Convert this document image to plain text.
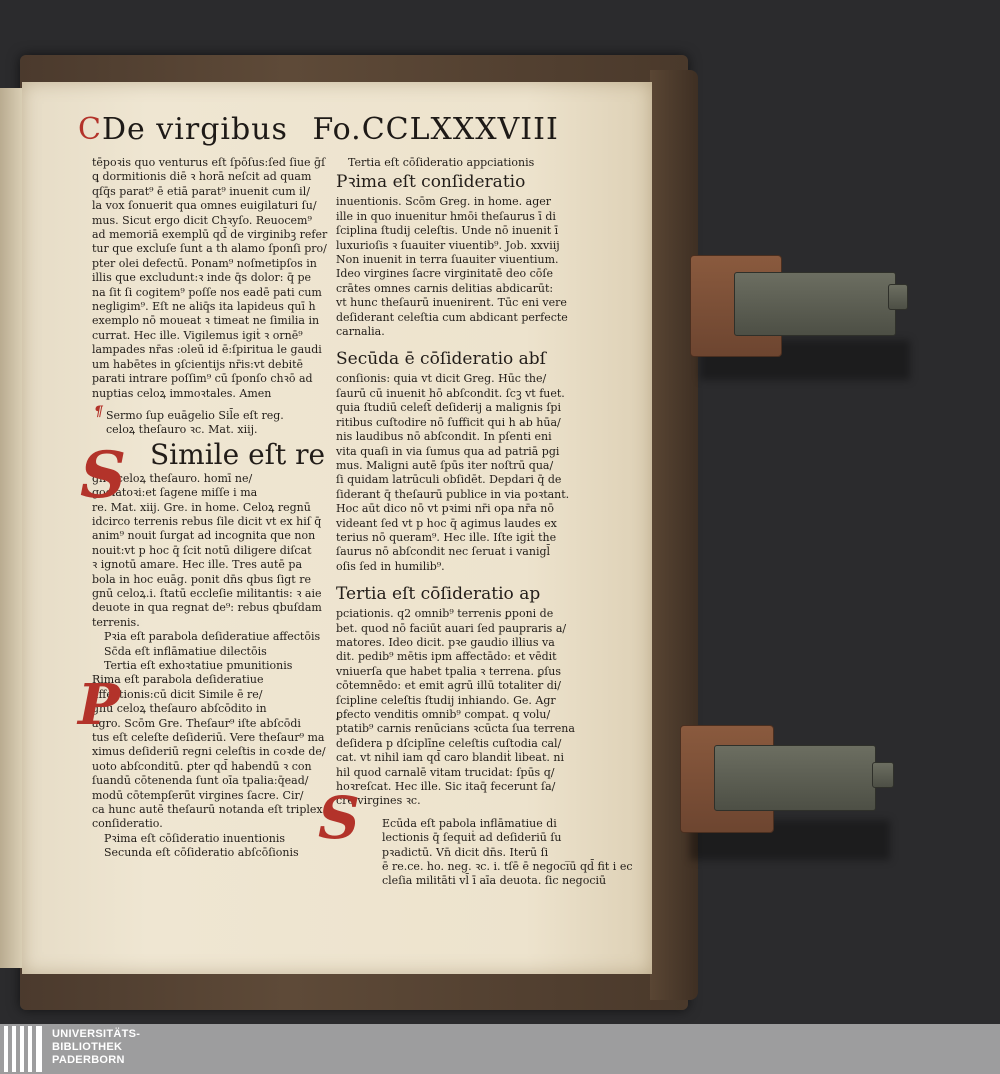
CDe virgibus Fo.CCLXXXVIII

tēpoꝛis quo venturus eſt ſpōſus:ſed ſiue ḡſ

ꝗ dormitionis diē ꝛ horā neſcit ad quam

qſq̄s parat⁹ ē etiā parat⁹ inuenit cum il/

la vox ſonuerit qua omnes euigilaturi ſu/

mus. Sicut ergo dicit Chꝛyſo. Reuocem⁹

ad memoriā exemplū qd̄ de virginibꝫ refer

tur que excluſe ſunt a th alamo ſponſi pro/

pter olei defectū. Ponam⁹ noſmetipſos in

illis que excludunt:ꝛ inde q̄s dolor: q̄ pe

na ſit ſi cogitem⁹ poſſe nos eadē pati cum

negligim⁹. Eſt ne aliq̄s ita lapideus quī h

exemplo nō moueat ꝛ timeat ne ſimilia in

currat. Hec ille. Vigilemus igiṫ ꝛ ornē⁹

lampades nr̄as :oleū id ē:ſpiritua le gaudi

um habētes in ꝯſcientijs nr̄is:vt debitē

parati intrare poſſim⁹ cū ſponſo chꝛō ad

nuptias celoꝝ immoꝛtales. Amen

Sermo ſup euāgelio Sil̄e eſt reg.

celoꝝ theſauro ꝛc. Mat. xiij.

Simile eſt re

gnū celoꝝ theſauro. homī ne/

gociatoꝛi:et ſagene miſſe i ma

re. Mat. xiij. Gre. in home. Celoꝝ regnū

idcirco terrenis rebus ſile dicit vt ex hiſ q̄

anim⁹ nouit ſurgat ad incognita que non

nouit:vt p hoc q̄ ſcit notū diligere diſcat

ꝛ ignotū amare. Hec ille. Tres autē pa

bola in hoc euāg. ponit dn̄s qbus ſigt re

gnū celoꝝ.i. ſtatū eccleſie militantis: ꝛ aie

deuote in qua regnat de⁹: rebus qbuſdam

terrenis.

Pꝛia eſt parabola deſideratiue affectōis

Sc̄da eſt inflāmatiue dilectōis

Tertia eſt exhoꝛtatiue pmunitionis

Rima eſt parabola deſideratiue

affectionis:cū dicit Simile ē re/

gnū celoꝝ theſauro abſcōdito in

agro. Scōm Gre. Theſaur⁹ iſte abſcōdi

tus eſt celeſte deſideriū. Vere theſaur⁹ ma

ximus deſideriū regni celeſtis in coꝛde de/

uoto abſconditū. ꝑter qd̄ habendū ꝛ con

ſuandū cōtenenda ſunt oīa tpalia:q̄ead/

modū cōtempſerūt virgines ſacre. Cir/

ca hunc autē theſaurū notanda eſt triplex

conſideratio.

Pꝛima eſt cōſideratio inuentionis

Secunda eſt cōſideratio abſcōſionis

Tertia eſt cōſideratio appciationis

Pꝛima eſt conſideratio

inuentionis. Scōm Greg. in home. ager

ille in quo inuenitur hmōi theſaurus ī di

ſciplina ſtudij celeſtis. Unde nō inuenit ī

luxurioſis ꝛ ſuauiter viuentib⁹. Job. xxviij

Non inuenit in terra ſuauiter viuentium.

Ideo virgines ſacre virginitatē deo cōſe

crātes omnes carnis delitias abdicarūt:

vt hunc theſaurū inuenirent. Tūc eni vere

deſiderant celeſtia cum abdicant perfecte

carnalia.

Secūda ē cōſideratio abſ

conſionis: quia vt dicit Greg. Hūc the/

ſaurū cū inuenit hō abſcondit. ſcꝫ vt fuet.

quia ſtudiū celeſt̄ deſiderij a malignis ſpi

ritibus cuſtodire nō ſufficit qui h ab hūa/

nis laudibus nō abſcondit. In pſenti eni

vita quaſi in via ſumus qua ad patriā pgi

mus. Maligni autē ſpūs iter noſtrū qua/

ſi quidam latrūculi obſidēt. Depdari q̄ de

ſiderant q̄ theſaurū publice in via poꝛtant.

Hoc aūt dico nō vt pꝛimi nr̄i opa nr̄a nō

videant ſed vt p hoc q̄ agimus laudes ex

terius nō queram⁹. Hec ille. Iſte igiṫ the

ſaurus nō abſcondit nec ſeruat i vanigl̄

oſis ſed in humilib⁹.

Tertia eſt cōſideratio ap

pciationis. q2 omnib⁹ terrenis ꝑponi de

bet. quod nō faciūt auari ſed paupraris a/

matores. Ideo dicit. pꝛe gaudio illius va

dit. pedib⁹ mētis ipm affectādo: et vēdit

vniuerſa que habet tpalia ꝛ terrena. ꝑſus

cōtemnēdo: et emit agrū illū totaliter di/

ſcipline celeſtis ſtudij inhiando. Ge. Agr

ꝑfecto venditis omnib⁹ compat. q volu/

ptatib⁹ carnis renūcians ꝛcūcta ſua terrena

deſidera p dſciplīne celeſtis cuſtodia cal/

cat. vt nihil iam qd̄ caro blandiṫ libeat. ni

hil quod carnalē vitam trucidat: ſpūs q/

hoꝛreſcat. Hec ille. Sic itaq̄ fecerunt ſa/

cre virgines ꝛc.

Ecūda eſt pabola inflāmatiue di

lectionis q̄ ſequiṫ ad deſideriū ſu

pꝛadictū. Vn̄ dicit dn̄s. Iterū ſi

ē re.ce. ho. neg. ꝛc. i. tſē ē negoci̅ū qd̄ fit i ec

cleſia militāti vl̄ ī aīa deuota. ſic negociū

S
P
S
¶
UNIVERSITÄTS-
BIBLIOTHEK
PADERBORN
